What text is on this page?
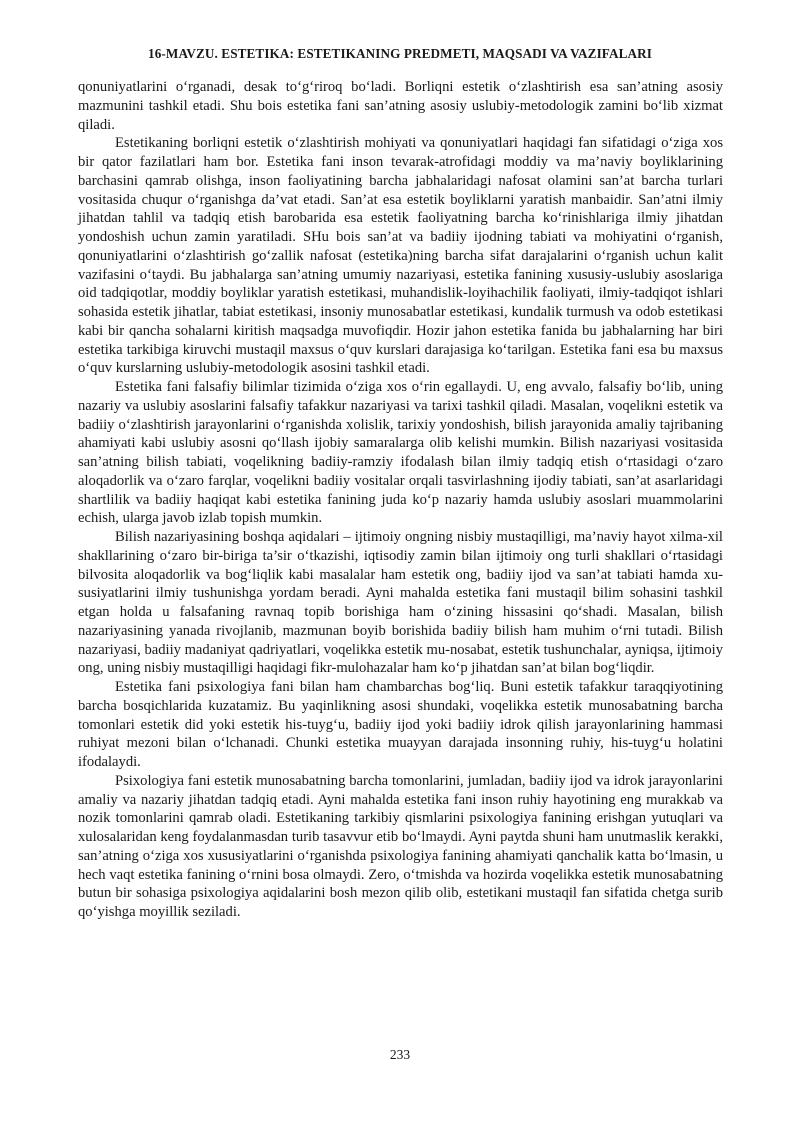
16-MAVZU. ESTETIKA: ESTETIKANING PREDMETI, MAQSADI VA VAZIFALARI

qonuniyatlarini oʻrganadi, desak toʻgʻriroq boʻladi. Borliqni estetik oʻzlashtirish esa san’atning asosiy mazmunini tashkil etadi. Shu bois estetika fani san’atning asosiy uslubiy-metodologik zamini boʻlib xizmat qiladi.

Estetikaning borliqni estetik oʻzlashtirish mohiyati va qonuniyatlari haqidagi fan sifatidagi oʻziga xos bir qator fazilatlari ham bor. Estetika fani inson tevarak-atrofidagi moddiy va ma’naviy boyliklarining barchasini qamrab olishga, inson faoliyatining barcha jabhalaridagi nafosat olamini san’at barcha turlari vositasida chuqur oʻrganishga da’vat etadi. San’at esa estetik boyliklarni yaratish manbaidir. San’atni ilmiy jihatdan tahlil va tadqiq etish barobarida esa estetik faoliyatning barcha koʻrinishlariga ilmiy jihatdan yondoshish uchun zamin yaratiladi. SHu bois san’at va badiiy ijodning tabiati va mohiyatini oʻrganish, qonuniyatlarini oʻzlashtirish goʻzallik nafosat (estetika)ning barcha sifat darajalarini oʻrganish uchun kalit vazifasini oʻtaydi. Bu jabhalarga san’atning umumiy nazariyasi, estetika fanining xususiy-uslubiy asoslariga oid tadqiqotlar, moddiy boyliklar yaratish estetikasi, muhandislik-loyihachilik faoliyati, ilmiy-tadqiqot ishlari sohasida estetik jihatlar, tabiat estetikasi, insoniy munosabatlar estetikasi, kundalik turmush va odob estetikasi kabi bir qancha sohalarni kiritish maqsadga muvofiqdir. Hozir jahon estetika fanida bu jabhalarning har biri estetika tarkibiga kiruvchi mustaqil maxsus oʻquv kurslari darajasiga koʻtarilgan. Estetika fani esa bu maxsus oʻquv kurslarning uslubiy-metodologik asosini tashkil etadi.

Estetika fani falsafiy bilimlar tizimida oʻziga xos oʻrin egallaydi. U, eng avvalo, falsafiy boʻlib, uning nazariy va uslubiy asoslarini falsafiy tafakkur nazariyasi va tarixi tashkil qiladi. Masalan, voqelikni estetik va badiiy oʻzlashtirish jarayonlarini oʻrganishda xolislik, tarixiy yondoshish, bilish jarayonida amaliy tajribaning ahamiyati kabi uslubiy asosni qoʻllash ijobiy samaralarga olib kelishi mumkin. Bilish nazariyasi vositasida san’atning bilish tabiati, voqelikning badiiy-ramziy ifodalash bilan ilmiy tadqiq etish oʻrtasidagi oʻzaro aloqadorlik va oʻzaro farqlar, voqelikni badiiy vositalar orqali tasvirlashning ijodiy tabiati, san’at asarlaridagi shartlilik va badiiy haqiqat kabi estetika fanining juda koʻp nazariy hamda uslubiy asoslari muammolarini echish, ularga javob izlab topish mumkin.

Bilish nazariyasining boshqa aqidalari – ijtimoiy ongning nisbiy mustaqilligi, ma’naviy hayot xilma-xil shakllarining oʻzaro bir-biriga ta’sir oʻtkazishi, iqtisodiy zamin bilan ijtimoiy ong turli shakllari oʻrtasidagi bilvosita aloqadorlik va bogʻliqlik kabi masalalar ham estetik ong, badiiy ijod va san’at tabiati hamda xu-susiyatlarini ilmiy tushunishga yordam beradi. Ayni mahalda estetika fani mustaqil bilim sohasini tashkil etgan holda u falsafaning ravnaq topib borishiga ham oʻzining hissasini qoʻshadi. Masalan, bilish nazariyasining yanada rivojlanib, mazmunan boyib borishida badiiy bilish ham muhim oʻrni tutadi. Bilish nazariyasi, badiiy madaniyat qadriyatlari, voqelikka estetik mu-nosabat, estetik tushunchalar, ayniqsa, ijtimoiy ong, uning nisbiy mustaqilligi haqidagi fikr-mulohazalar ham koʻp jihatdan san’at bilan bogʻliqdir.

Estetika fani psixologiya fani bilan ham chambarchas bogʻliq. Buni estetik tafakkur taraqqiyotining barcha bosqichlarida kuzatamiz. Bu yaqinlikning asosi shundaki, voqelikka estetik munosabatning barcha tomonlari estetik did yoki estetik his-tuygʻu, badiiy ijod yoki badiiy idrok qilish jarayonlarining hammasi ruhiyat mezoni bilan oʻlchanadi. Chunki estetika muayyan darajada insonning ruhiy, his-tuygʻu holatini ifodalaydi.

Psixologiya fani estetik munosabatning barcha tomonlarini, jumladan, badiiy ijod va idrok jarayonlarini amaliy va nazariy jihatdan tadqiq etadi. Ayni mahalda estetika fani inson ruhiy hayotining eng murakkab va nozik tomonlarini qamrab oladi. Estetikaning tarkibiy qismlarini psixologiya fanining erishgan yutuqlari va xulosalaridan keng foydalanmasdan turib tasavvur etib boʻlmaydi. Ayni paytda shuni ham unutmaslik kerakki, san’atning oʻziga xos xususiyatlarini oʻrganishda psixologiya fanining ahamiyati qanchalik katta boʻlmasin, u hech vaqt estetika fanining oʻrnini bosa olmaydi. Zero, oʻtmishda va hozirda voqelikka estetik munosabatning butun bir sohasiga psixologiya aqidalarini bosh mezon qilib olib, estetikani mustaqil fan sifatida chetga surib qoʻyishga moyillik seziladi.

233
